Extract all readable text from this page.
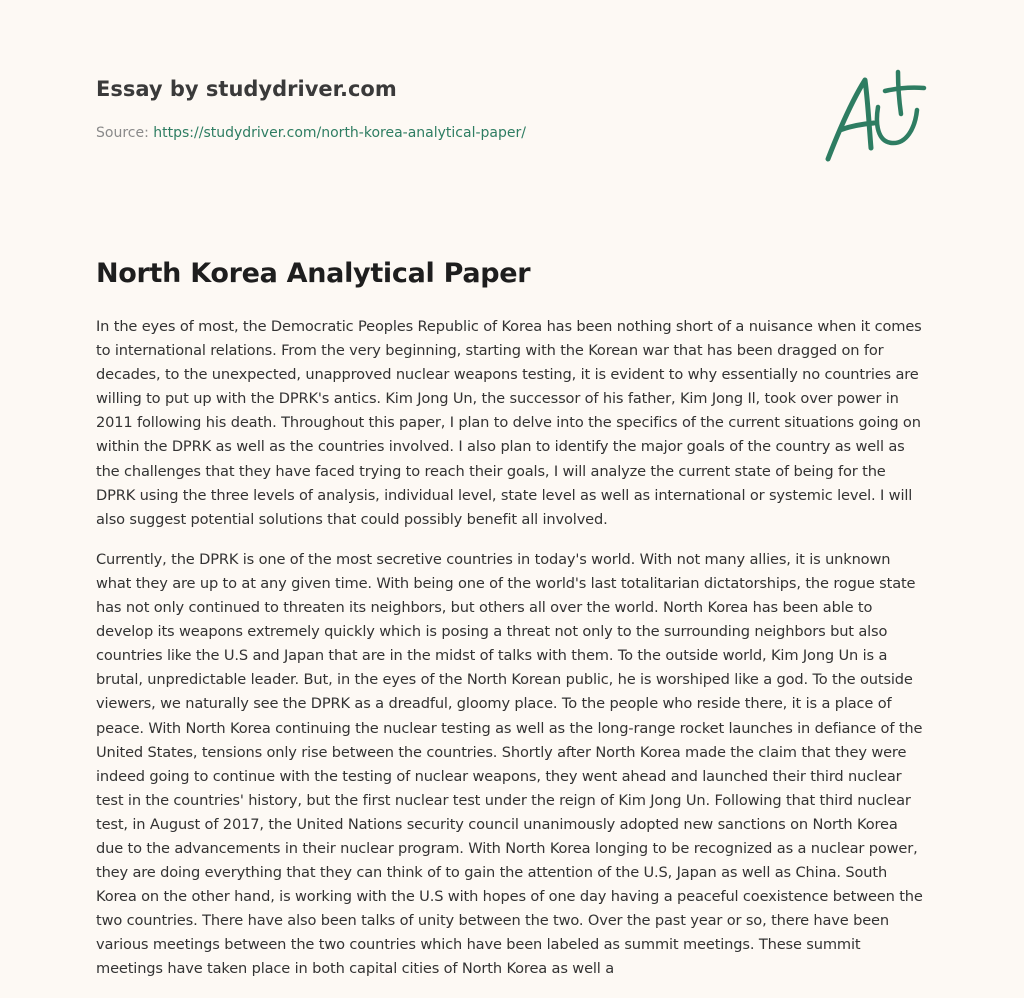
Essay by studydriver.com
Source: https://studydriver.com/north-korea-analytical-paper/
North Korea Analytical Paper

In the eyes of most, the Democratic Peoples Republic of Korea has been nothing short of a nuisance when it comes to international relations. From the very beginning, starting with the Korean war that has been dragged on for decades, to the unexpected, unapproved nuclear weapons testing, it is evident to why essentially no countries are willing to put up with the DPRK's antics. Kim Jong Un, the successor of his father, Kim Jong Il, took over power in 2011 following his death. Throughout this paper, I plan to delve into the specifics of the current situations going on within the DPRK as well as the countries involved. I also plan to identify the major goals of the country as well as the challenges that they have faced trying to reach their goals, I will analyze the current state of being for the DPRK using the three levels of analysis, individual level, state level as well as international or systemic level. I will also suggest potential solutions that could possibly benefit all involved.

Currently, the DPRK is one of the most secretive countries in today's world. With not many allies, it is unknown what they are up to at any given time. With being one of the world's last totalitarian dictatorships, the rogue state has not only continued to threaten its neighbors, but others all over the world. North Korea has been able to develop its weapons extremely quickly which is posing a threat not only to the surrounding neighbors but also countries like the U.S and Japan that are in the midst of talks with them. To the outside world, Kim Jong Un is a brutal, unpredictable leader. But, in the eyes of the North Korean public, he is worshiped like a god. To the outside viewers, we naturally see the DPRK as a dreadful, gloomy place. To the people who reside there, it is a place of peace. With North Korea continuing the nuclear testing as well as the long-range rocket launches in defiance of the United States, tensions only rise between the countries. Shortly after North Korea made the claim that they were indeed going to continue with the testing of nuclear weapons, they went ahead and launched their third nuclear test in the countries' history, but the first nuclear test under the reign of Kim Jong Un. Following that third nuclear test, in August of 2017, the United Nations security council unanimously adopted new sanctions on North Korea due to the advancements in their nuclear program. With North Korea longing to be recognized as a nuclear power, they are doing everything that they can think of to gain the attention of the U.S, Japan as well as China. South Korea on the other hand, is working with the U.S with hopes of one day having a peaceful coexistence between the two countries. There have also been talks of unity between the two. Over the past year or so, there have been various meetings between the two countries which have been labeled as summit meetings. These summit meetings have taken place in both capital cities of North Korea as well a
